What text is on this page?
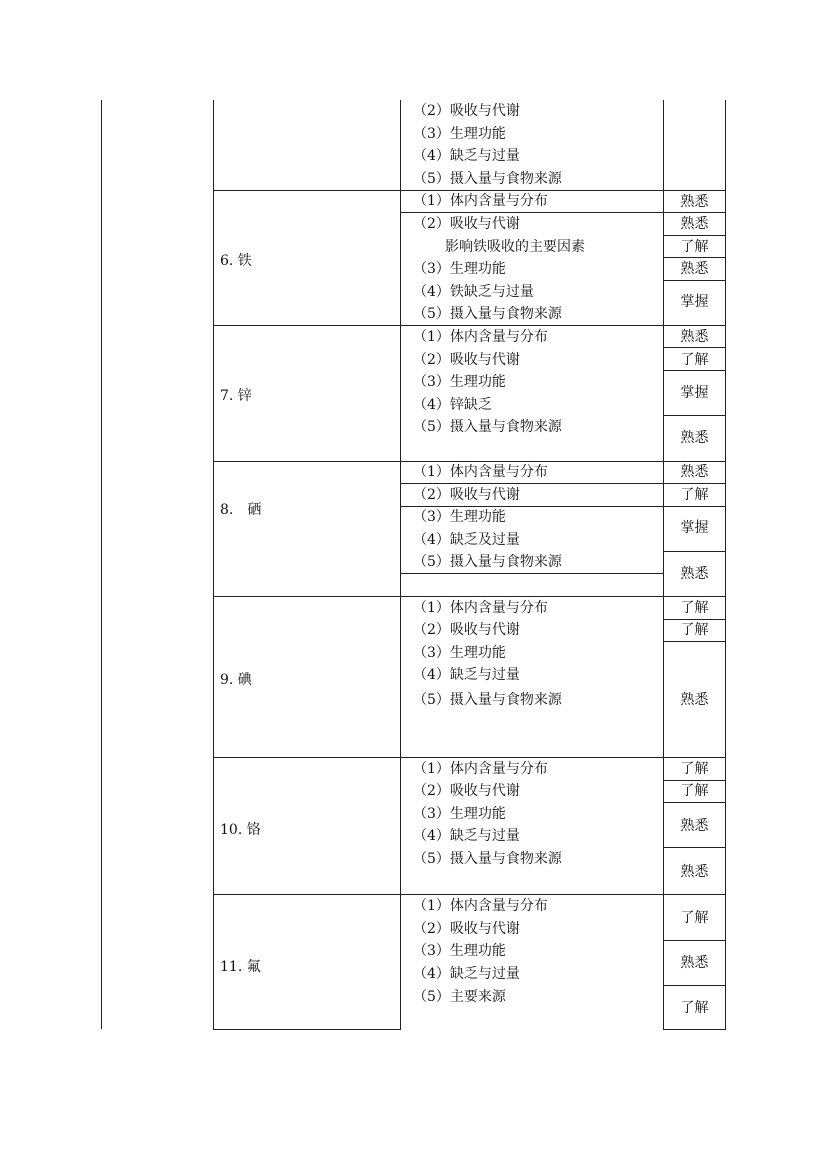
（2）吸收与代谢
（3）生理功能
（4）缺乏与过量
（5）摄入量与食物来源
6. 铁
（1）体内含量与分布
（2）吸收与代谢
影响铁吸收的主要因素
（3）生理功能
（4）铁缺乏与过量
（5）摄入量与食物来源
熟悉
熟悉
了解
熟悉
掌握
7. 锌
（1）体内含量与分布
（2）吸收与代谢
（3）生理功能
（4）锌缺乏
（5）摄入量与食物来源
熟悉
了解
掌握
熟悉
8.　硒
（1）体内含量与分布
（2）吸收与代谢
（3）生理功能
（4）缺乏及过量
（5）摄入量与食物来源
熟悉
了解
掌握
熟悉
9. 碘
（1）体内含量与分布
（2）吸收与代谢
（3）生理功能
（4）缺乏与过量
（5）摄入量与食物来源
了解
了解
熟悉
10. 铬
（1）体内含量与分布
（2）吸收与代谢
（3）生理功能
（4）缺乏与过量
（5）摄入量与食物来源
了解
了解
熟悉
熟悉
11. 氟
（1）体内含量与分布
（2）吸收与代谢
（3）生理功能
（4）缺乏与过量
（5）主要来源
了解
熟悉
了解
